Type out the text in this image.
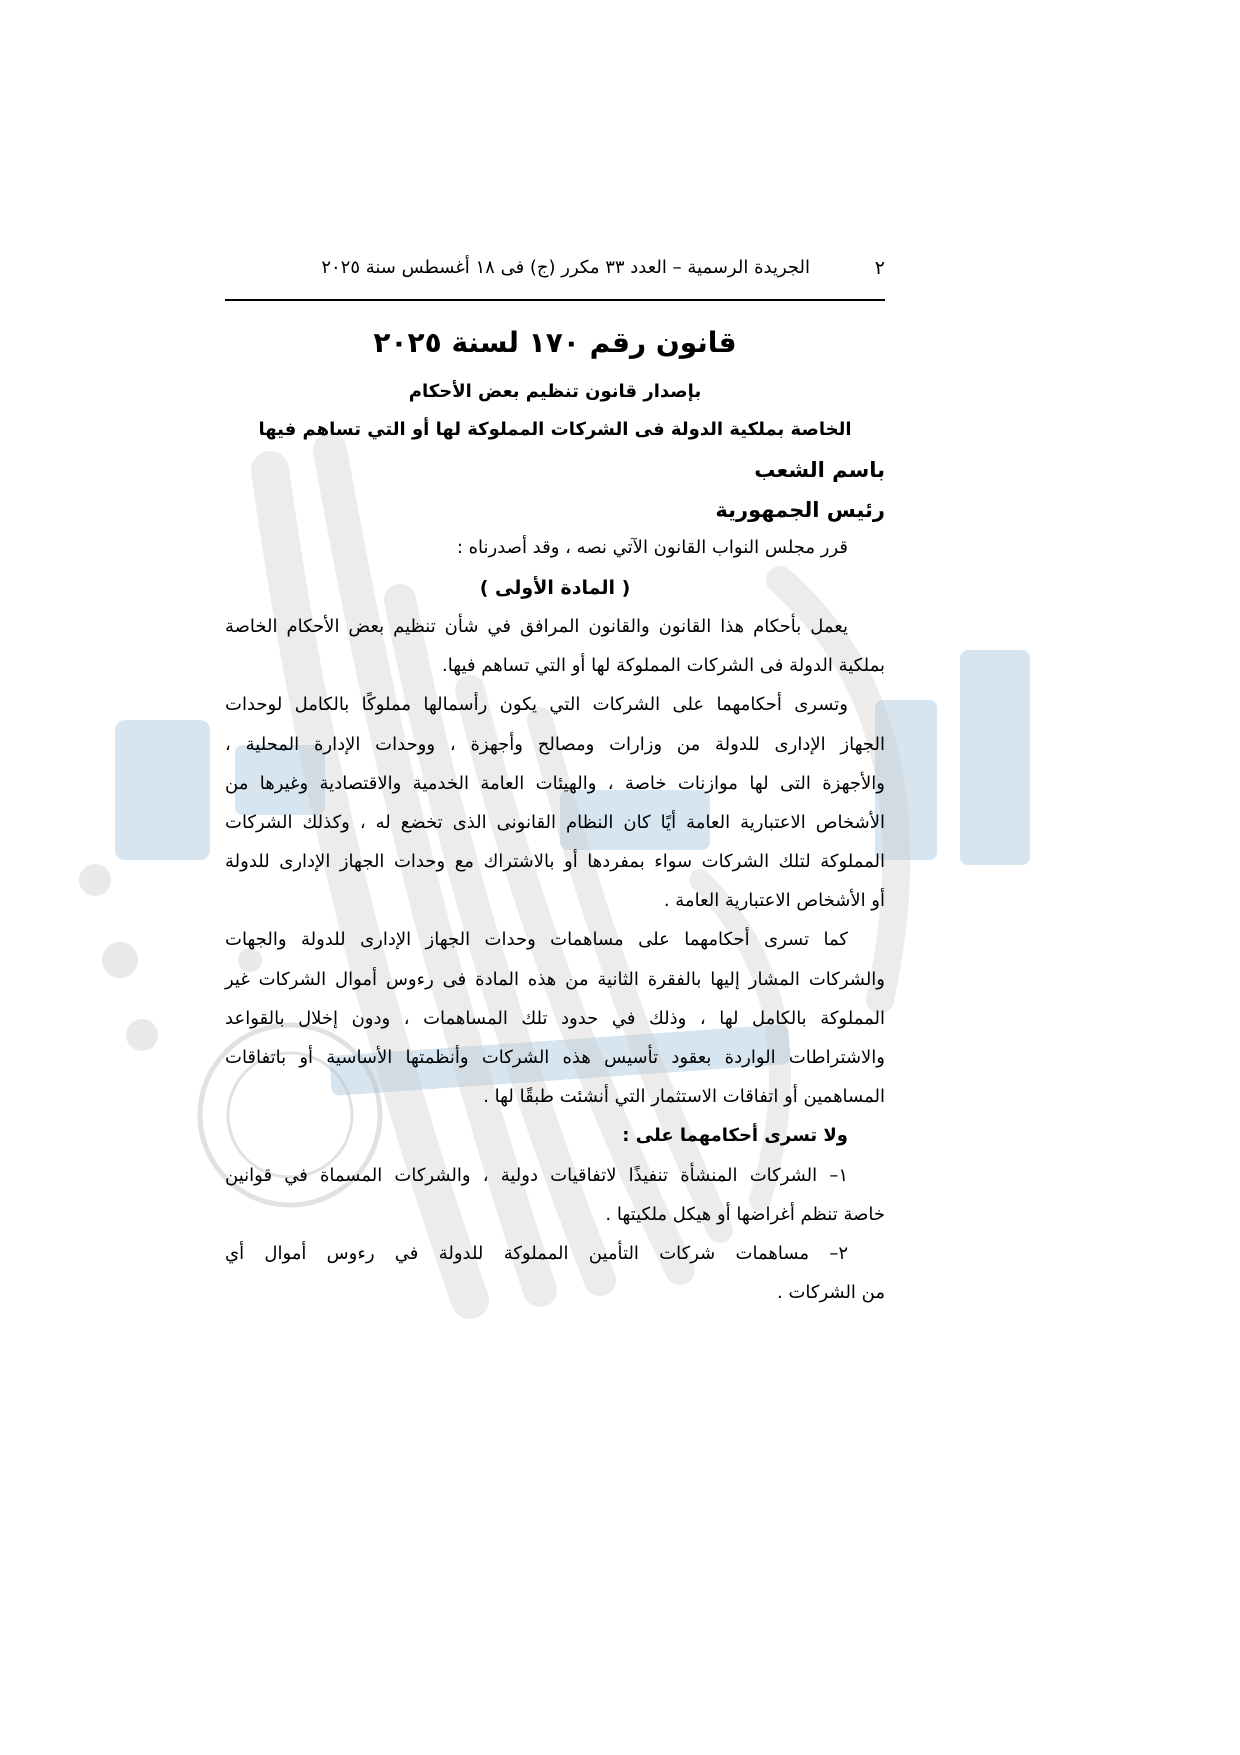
٢
الجريدة الرسمية – العدد ٣٣ مكرر (ج) فى ١٨ أغسطس سنة ٢٠٢٥
قانون رقم ١٧٠ لسنة ٢٠٢٥
بإصدار قانون تنظيم بعض الأحكام
الخاصة بملكية الدولة فى الشركات المملوكة لها أو التي تساهم فيها
باسم الشعب
رئيس الجمهورية
قرر مجلس النواب القانون الآتي نصه ، وقد أصدرناه :
( المادة الأولى )
يعمل بأحكام هذا القانون والقانون المرافق في شأن تنظيم بعض الأحكام الخاصة
بملكية الدولة فى الشركات المملوكة لها أو التي تساهم فيها.
وتسرى أحكامهما على الشركات التي يكون رأسمالها مملوكًا بالكامل لوحدات
الجهاز الإدارى للدولة من وزارات ومصالح وأجهزة ، ووحدات الإدارة المحلية ،
والأجهزة التى لها موازنات خاصة ، والهيئات العامة الخدمية والاقتصادية وغيرها من
الأشخاص الاعتبارية العامة أيًا كان النظام القانونى الذى تخضع له ، وكذلك الشركات
المملوكة لتلك الشركات سواء بمفردها أو بالاشتراك مع وحدات الجهاز الإدارى للدولة
أو الأشخاص الاعتبارية العامة .
كما تسرى أحكامهما على مساهمات وحدات الجهاز الإدارى للدولة والجهات
والشركات المشار إليها بالفقرة الثانية من هذه المادة فى رءوس أموال الشركات غير
المملوكة بالكامل لها ، وذلك في حدود تلك المساهمات ، ودون إخلال بالقواعد
والاشتراطات الواردة بعقود تأسيس هذه الشركات وأنظمتها الأساسية أو باتفاقات
المساهمين أو اتفاقات الاستثمار التي أنشئت طبقًا لها .
ولا تسرى أحكامهما على :
١– الشركات المنشأة تنفيذًا لاتفاقيات دولية ، والشركات المسماة في قوانين
خاصة تنظم أغراضها أو هيكل ملكيتها .
٢– مساهمات شركات التأمين المملوكة للدولة في رءوس أموال أي
من الشركات .
